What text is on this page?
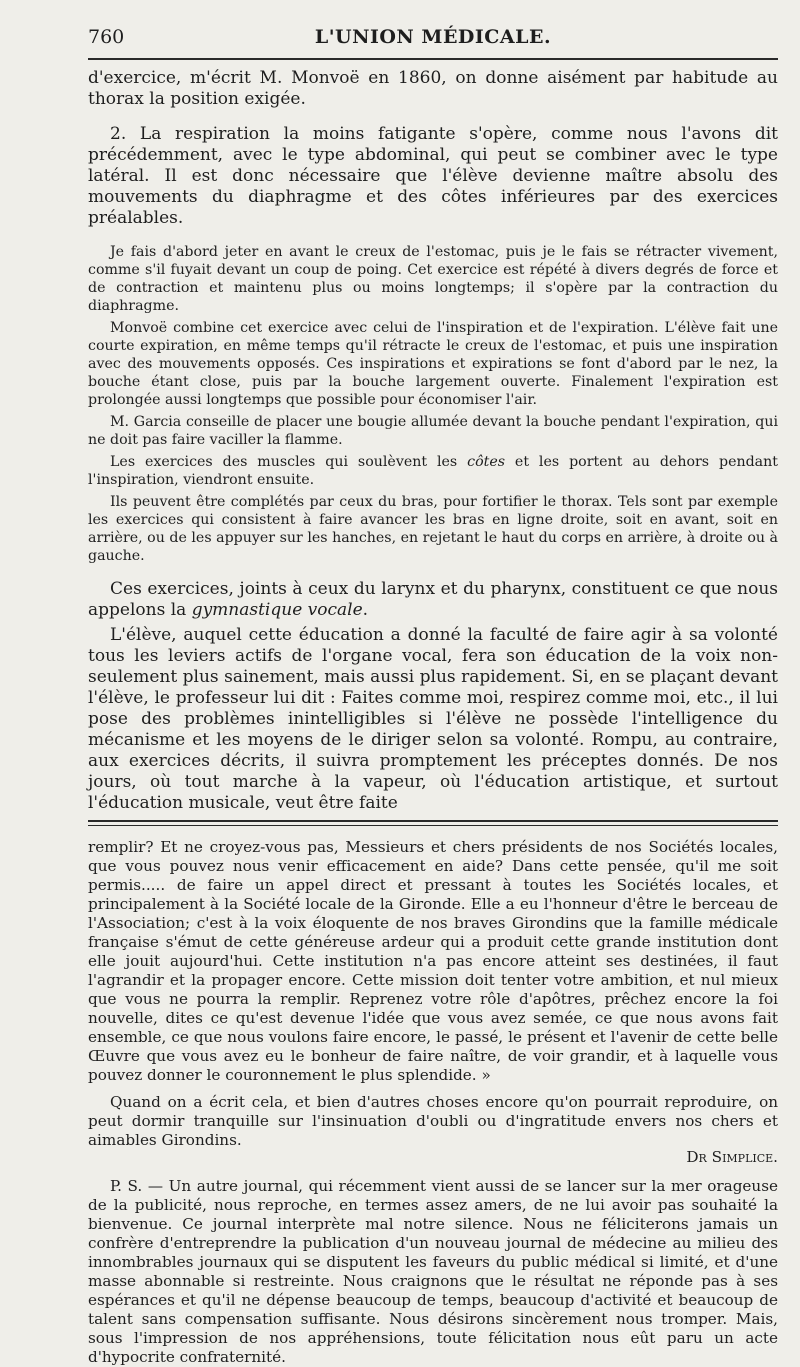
760	L'UNION MÉDICALE.

d'exercice, m'écrit M. Monvoë en 1860, on donne aisément par habitude au thorax la position exigée.

2. La respiration la moins fatigante s'opère, comme nous l'avons dit précédemment, avec le type abdominal, qui peut se combiner avec le type latéral. Il est donc nécessaire que l'élève devienne maître absolu des mouvements du diaphragme et des côtes inférieures par des exercices préalables.

Je fais d'abord jeter en avant le creux de l'estomac, puis je le fais se rétracter vivement, comme s'il fuyait devant un coup de poing. Cet exercice est répété à divers degrés de force et de contraction et maintenu plus ou moins longtemps; il s'opère par la contraction du diaphragme.

Monvoë combine cet exercice avec celui de l'inspiration et de l'expiration. L'élève fait une courte expiration, en même temps qu'il rétracte le creux de l'estomac, et puis une inspiration avec des mouvements opposés. Ces inspirations et expirations se font d'abord par le nez, la bouche étant close, puis par la bouche largement ouverte. Finalement l'expiration est prolongée aussi longtemps que possible pour économiser l'air.

M. Garcia conseille de placer une bougie allumée devant la bouche pendant l'expiration, qui ne doit pas faire vaciller la flamme.

Les exercices des muscles qui soulèvent les côtes et les portent au dehors pendant l'inspiration, viendront ensuite.

Ils peuvent être complétés par ceux du bras, pour fortifier le thorax. Tels sont par exemple les exercices qui consistent à faire avancer les bras en ligne droite, soit en avant, soit en arrière, ou de les appuyer sur les hanches, en rejetant le haut du corps en arrière, à droite ou à gauche.

Ces exercices, joints à ceux du larynx et du pharynx, constituent ce que nous appelons la gymnastique vocale.

L'élève, auquel cette éducation a donné la faculté de faire agir à sa volonté tous les leviers actifs de l'organe vocal, fera son éducation de la voix non-seulement plus sainement, mais aussi plus rapidement. Si, en se plaçant devant l'élève, le professeur lui dit : Faites comme moi, respirez comme moi, etc., il lui pose des problèmes inintelligibles si l'élève ne possède l'intelligence du mécanisme et les moyens de le diriger selon sa volonté. Rompu, au contraire, aux exercices décrits, il suivra promptement les préceptes donnés. De nos jours, où tout marche à la vapeur, où l'éducation artistique, et surtout l'éducation musicale, veut être faite

remplir? Et ne croyez-vous pas, Messieurs et chers présidents de nos Sociétés locales, que vous pouvez nous venir efficacement en aide? Dans cette pensée, qu'il me soit permis..... de faire un appel direct et pressant à toutes les Sociétés locales, et principalement à la Société locale de la Gironde. Elle a eu l'honneur d'être le berceau de l'Association; c'est à la voix éloquente de nos braves Girondins que la famille médicale française s'émut de cette généreuse ardeur qui a produit cette grande institution dont elle jouit aujourd'hui. Cette institution n'a pas encore atteint ses destinées, il faut l'agrandir et la propager encore. Cette mission doit tenter votre ambition, et nul mieux que vous ne pourra la remplir. Reprenez votre rôle d'apôtres, prêchez encore la foi nouvelle, dites ce qu'est devenue l'idée que vous avez semée, ce que nous avons fait ensemble, ce que nous voulons faire encore, le passé, le présent et l'avenir de cette belle Œuvre que vous avez eu le bonheur de faire naître, de voir grandir, et à laquelle vous pouvez donner le couronnement le plus splendide. »

Quand on a écrit cela, et bien d'autres choses encore qu'on pourrait reproduire, on peut dormir tranquille sur l'insinuation d'oubli ou d'ingratitude envers nos chers et aimables Girondins.

Dr Simplice.

P. S. — Un autre journal, qui récemment vient aussi de se lancer sur la mer orageuse de la publicité, nous reproche, en termes assez amers, de ne lui avoir pas souhaité la bienvenue. Ce journal interprète mal notre silence. Nous ne féliciterons jamais un confrère d'entreprendre la publication d'un nouveau journal de médecine au milieu des innombrables journaux qui se disputent les faveurs du public médical si limité, et d'une masse abonnable si restreinte. Nous craignons que le résultat ne réponde pas à ses espérances et qu'il ne dépense beaucoup de temps, beaucoup d'activité et beaucoup de talent sans compensation suffisante. Nous désirons sincèrement nous tromper. Mais, sous l'impression de nos appréhensions, toute félicitation nous eût paru un acte d'hypocrite confraternité.
